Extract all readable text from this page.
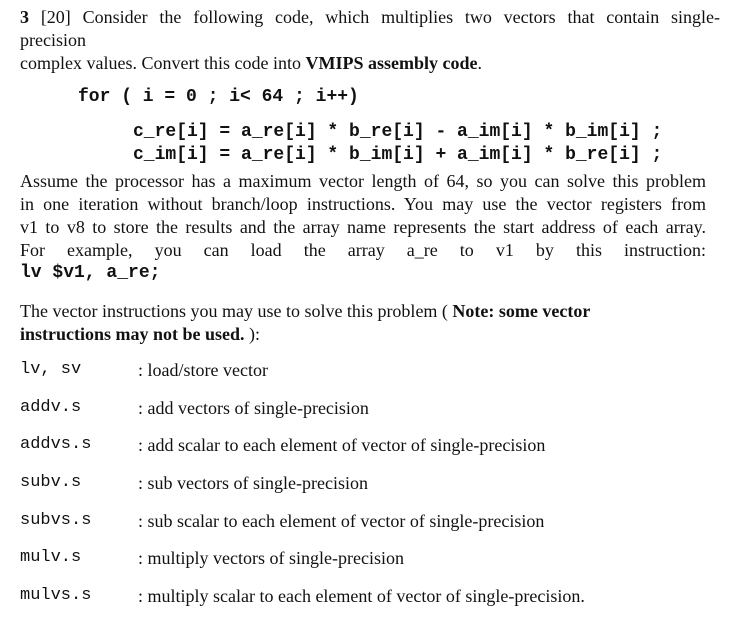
3 [20] Consider the following code, which multiplies two vectors that contain single-
precision
complex values. Convert this code into VMIPS assembly code.
for ( i = 0 ; i< 64 ; i++)
c_re[i] = a_re[i] * b_re[i] - a_im[i] * b_im[i] ;
c_im[i] = a_re[i] * b_im[i] + a_im[i] * b_re[i] ;
Assume the processor has a maximum vector length of 64, so you can solve this problem
in one iteration without branch/loop instructions. You may use the vector registers from
v1 to v8 to store the results and the array name represents the start address of each array.
For example, you can load the array a_re to v1 by this instruction:
lv $v1, a_re;
The vector instructions you may use to solve this problem ( Note: some vector
instructions may not be used. ):
lv, sv	: load/store vector
addv.s	: add vectors of single-precision
addvs.s	: add scalar to each element of vector of single-precision
subv.s	: sub vectors of single-precision
subvs.s	: sub scalar to each element of vector of single-precision
mulv.s	: multiply vectors of single-precision
mulvs.s	: multiply scalar to each element of vector of single-precision.
